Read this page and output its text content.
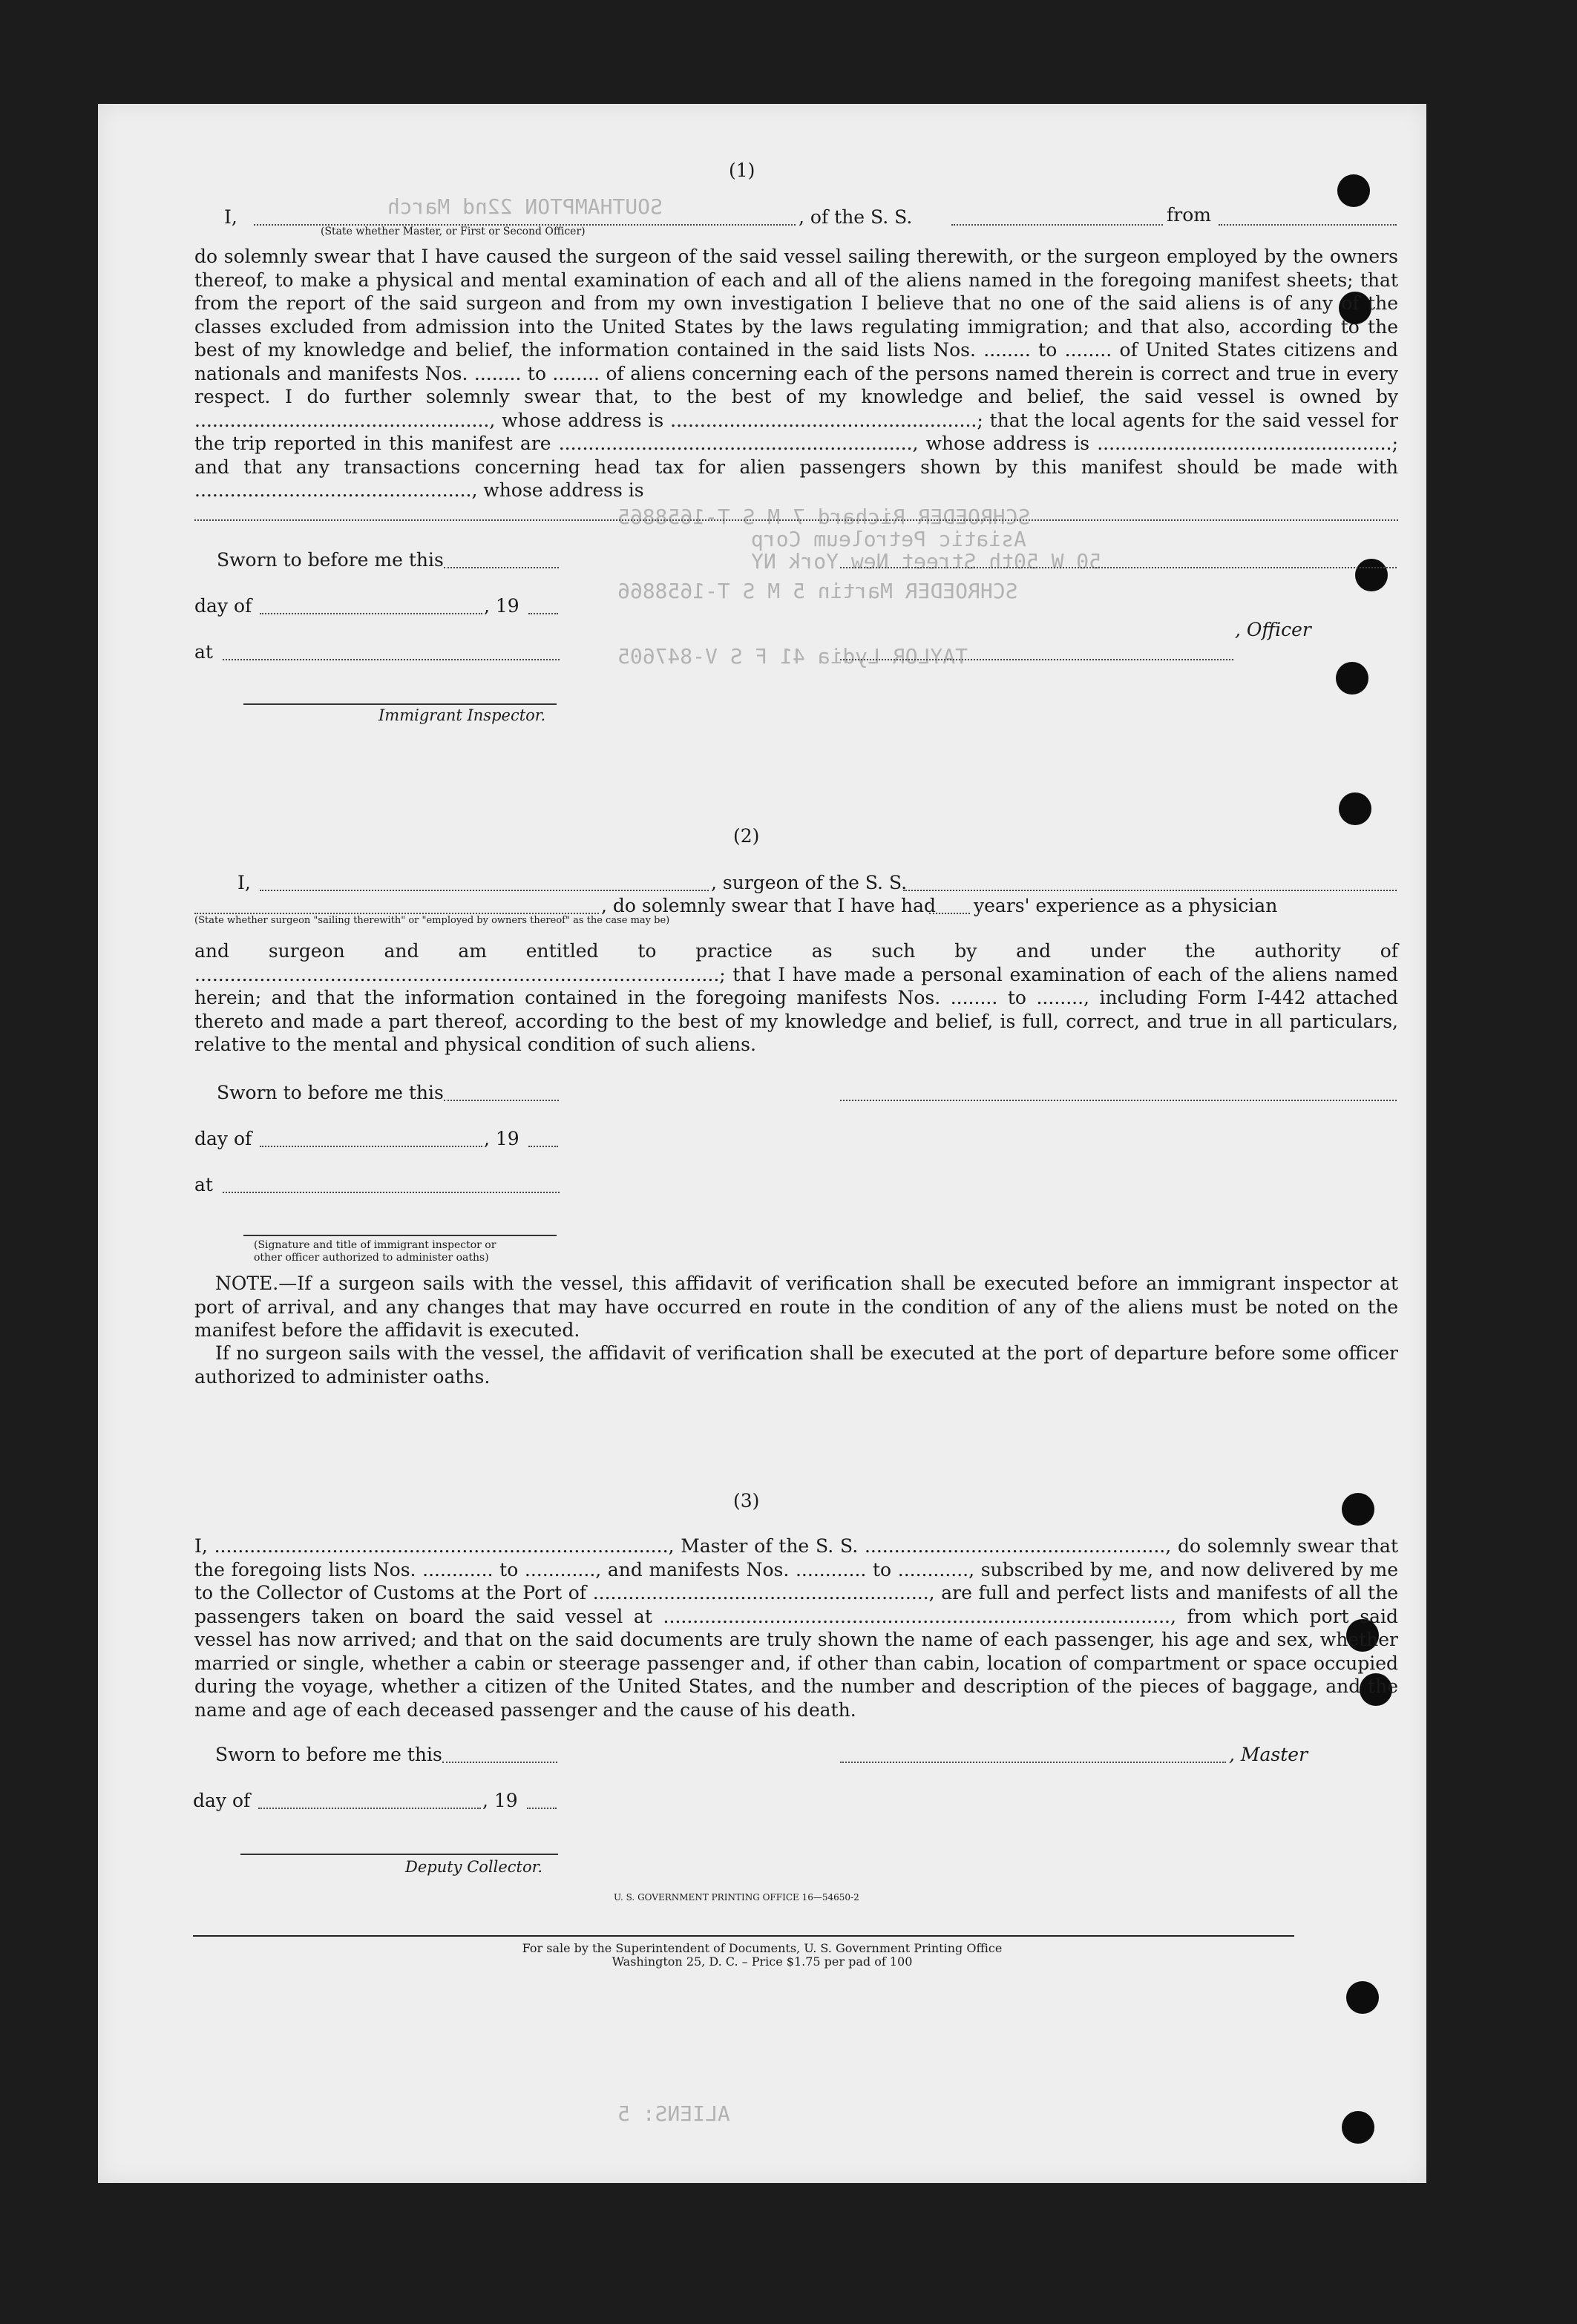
SOUTHAMPTON 22nd March
SCHROEDER Richard 7 M S T-1658865
Asiatic Petroleum Corp
50 W 50th Street New York NY
SCHROEDER Martin 5 M S T-1658866
TAYLOR Lydia 41 F S V-847605
ALIENS: 5
(1)
I,	, of the S. S.	from
(State whether Master, or First or Second Officer)

do solemnly swear that I have caused the surgeon of the said vessel sailing therewith, or the surgeon employed by the owners thereof, to make a physical and mental examination of each and all of the aliens named in the foregoing manifest sheets; that from the report of the said surgeon and from my own investigation I believe that no one of the said aliens is of any of the classes excluded from admission into the United States by the laws regulating immigration; and that also, according to the best of my knowledge and belief, the information contained in the said lists Nos. ........ to ........ of United States citizens and nationals and manifests Nos. ........ to ........ of aliens concerning each of the persons named therein is correct and true in every respect. I do further solemnly swear that, to the best of my knowledge and belief, the said vessel is owned by .................................................., whose address is ....................................................; that the local agents for the said vessel for the trip reported in this manifest are ............................................................, whose address is ..................................................; and that any transactions concerning head tax for alien passengers shown by this manifest should be made with ..............................................., whose address is

Sworn to before me this
day of	, 19
at
, Officer
Immigrant Inspector.
(2)
I,	, surgeon of the S. S.
, do solemnly swear that I have had years' experience as a physician
(State whether surgeon "sailing therewith" or "employed by owners thereof" as the case may be)

and surgeon and am entitled to practice as such by and under the authority of .........................................................................................; that I have made a personal examination of each of the aliens named herein; and that the information contained in the foregoing manifests Nos. ........ to ........, including Form I-442 attached thereto and made a part thereof, according to the best of my knowledge and belief, is full, correct, and true in all particulars, relative to the mental and physical condition of such aliens.

Sworn to before me this
day of	, 19
at
(Signature and title of immigrant inspector or
other officer authorized to administer oaths)

NOTE.—If a surgeon sails with the vessel, this affidavit of verification shall be executed before an immigrant inspector at port of arrival, and any changes that may have occurred en route in the condition of any of the aliens must be noted on the manifest before the affidavit is executed.

If no surgeon sails with the vessel, the affidavit of verification shall be executed at the port of departure before some officer authorized to administer oaths.

(3)

I, ............................................................................., Master of the S. S. ..................................................., do solemnly swear that the foregoing lists Nos. ............ to ............, and manifests Nos. ............ to ............, subscribed by me, and now delivered by me to the Collector of Customs at the Port of ........................................................., are full and perfect lists and manifests of all the passengers taken on board the said vessel at ......................................................................................, from which port said vessel has now arrived; and that on the said documents are truly shown the name of each passenger, his age and sex, whether married or single, whether a cabin or steerage passenger and, if other than cabin, location of compartment or space occupied during the voyage, whether a citizen of the United States, and the number and description of the pieces of baggage, and the name and age of each deceased passenger and the cause of his death.

Sworn to before me this	, Master
day of	, 19
Deputy Collector.
U. S. GOVERNMENT PRINTING OFFICE 16—54650-2
For sale by the Superintendent of Documents, U. S. Government Printing Office
Washington 25, D. C. – Price $1.75 per pad of 100
